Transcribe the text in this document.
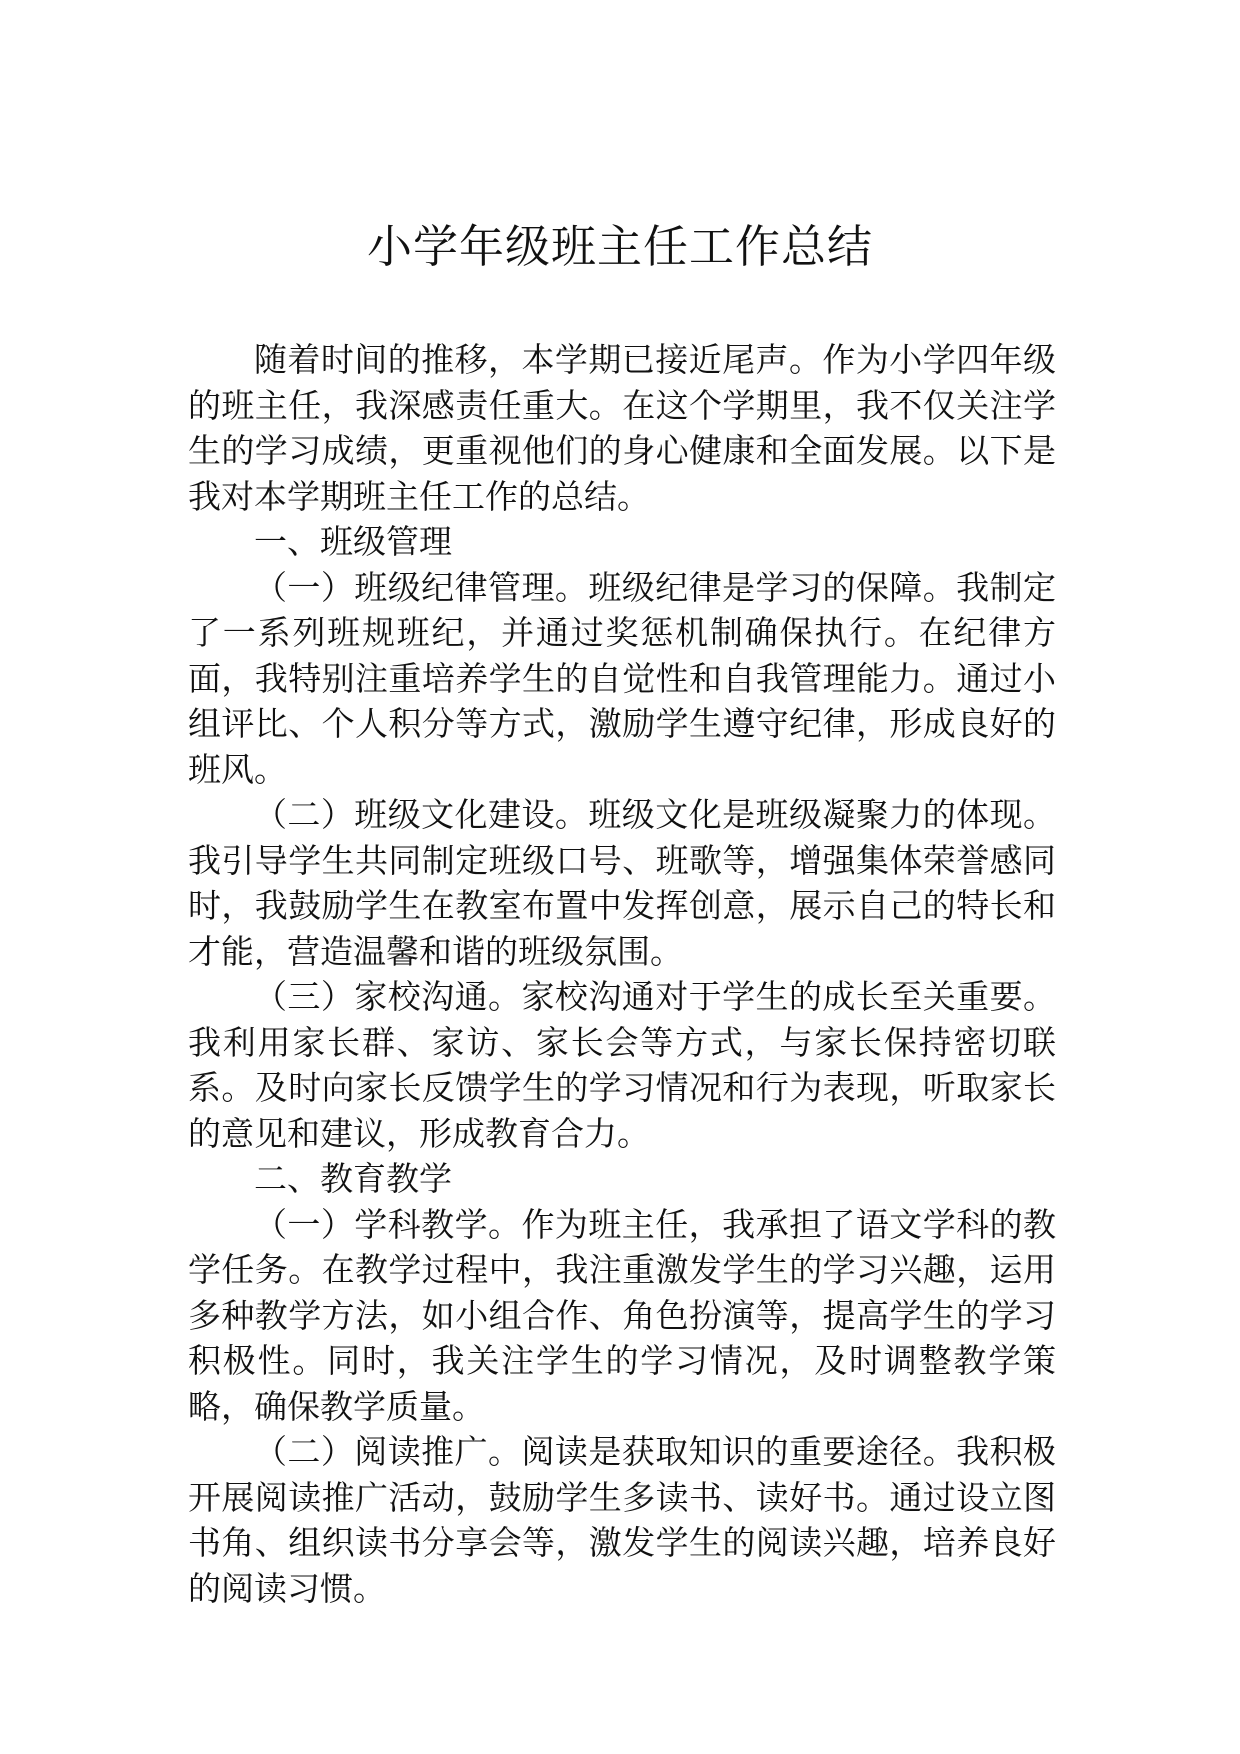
小学年级班主任工作总结

随着时间的推移，本学期已接近尾声。作为小学四年级的班主任，我深感责任重大。在这个学期里，我不仅关注学生的学习成绩，更重视他们的身心健康和全面发展。以下是我对本学期班主任工作的总结。

一、班级管理

（一）班级纪律管理。班级纪律是学习的保障。我制定了一系列班规班纪，并通过奖惩机制确保执行。在纪律方面，我特别注重培养学生的自觉性和自我管理能力。通过小组评比、个人积分等方式，激励学生遵守纪律，形成良好的班风。

（二）班级文化建设。班级文化是班级凝聚力的体现。我引导学生共同制定班级口号、班歌等，增强集体荣誉感同时，我鼓励学生在教室布置中发挥创意，展示自己的特长和才能，营造温馨和谐的班级氛围。

（三）家校沟通。家校沟通对于学生的成长至关重要。我利用家长群、家访、家长会等方式，与家长保持密切联系。及时向家长反馈学生的学习情况和行为表现，听取家长的意见和建议，形成教育合力。

二、教育教学

（一）学科教学。作为班主任，我承担了语文学科的教学任务。在教学过程中，我注重激发学生的学习兴趣，运用多种教学方法，如小组合作、角色扮演等，提高学生的学习积极性。同时，我关注学生的学习情况，及时调整教学策略，确保教学质量。

（二）阅读推广。阅读是获取知识的重要途径。我积极开展阅读推广活动，鼓励学生多读书、读好书。通过设立图书角、组织读书分享会等，激发学生的阅读兴趣，培养良好的阅读习惯。
